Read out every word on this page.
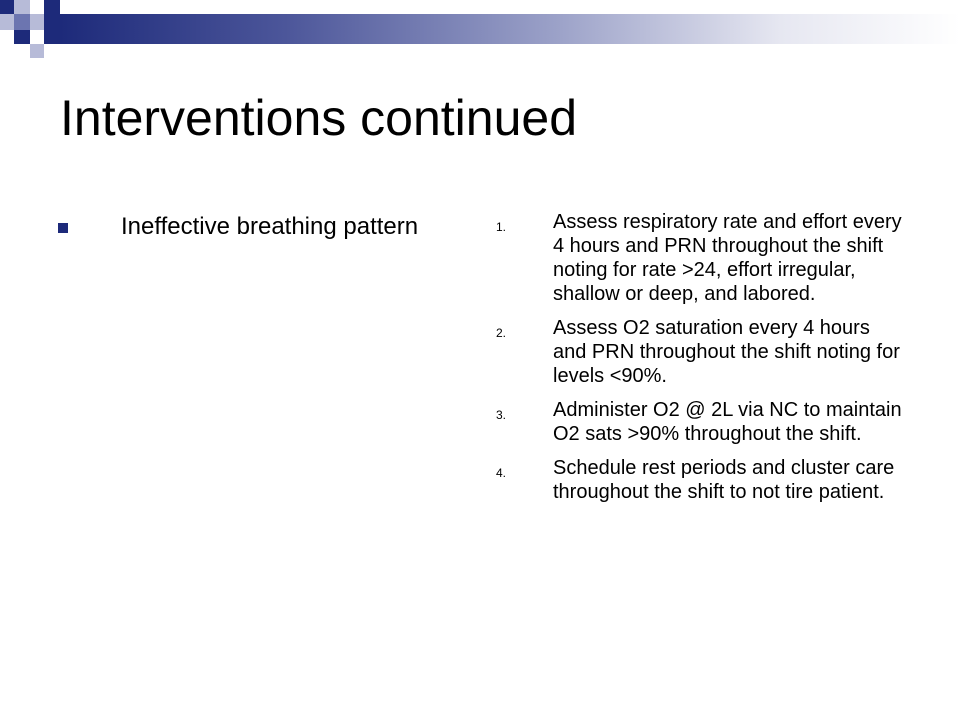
Interventions continued
Ineffective breathing pattern	1.	Assess respiratory rate and effort every 4 hours and PRN throughout the shift noting for rate >24, effort irregular, shallow or deep, and labored.
2.	Assess O2 saturation every 4 hours and PRN throughout the shift noting for levels <90%.
3.	Administer O2 @ 2L via NC to maintain O2 sats >90% throughout the shift.
4.	Schedule rest periods and cluster care throughout the shift to not tire patient.
